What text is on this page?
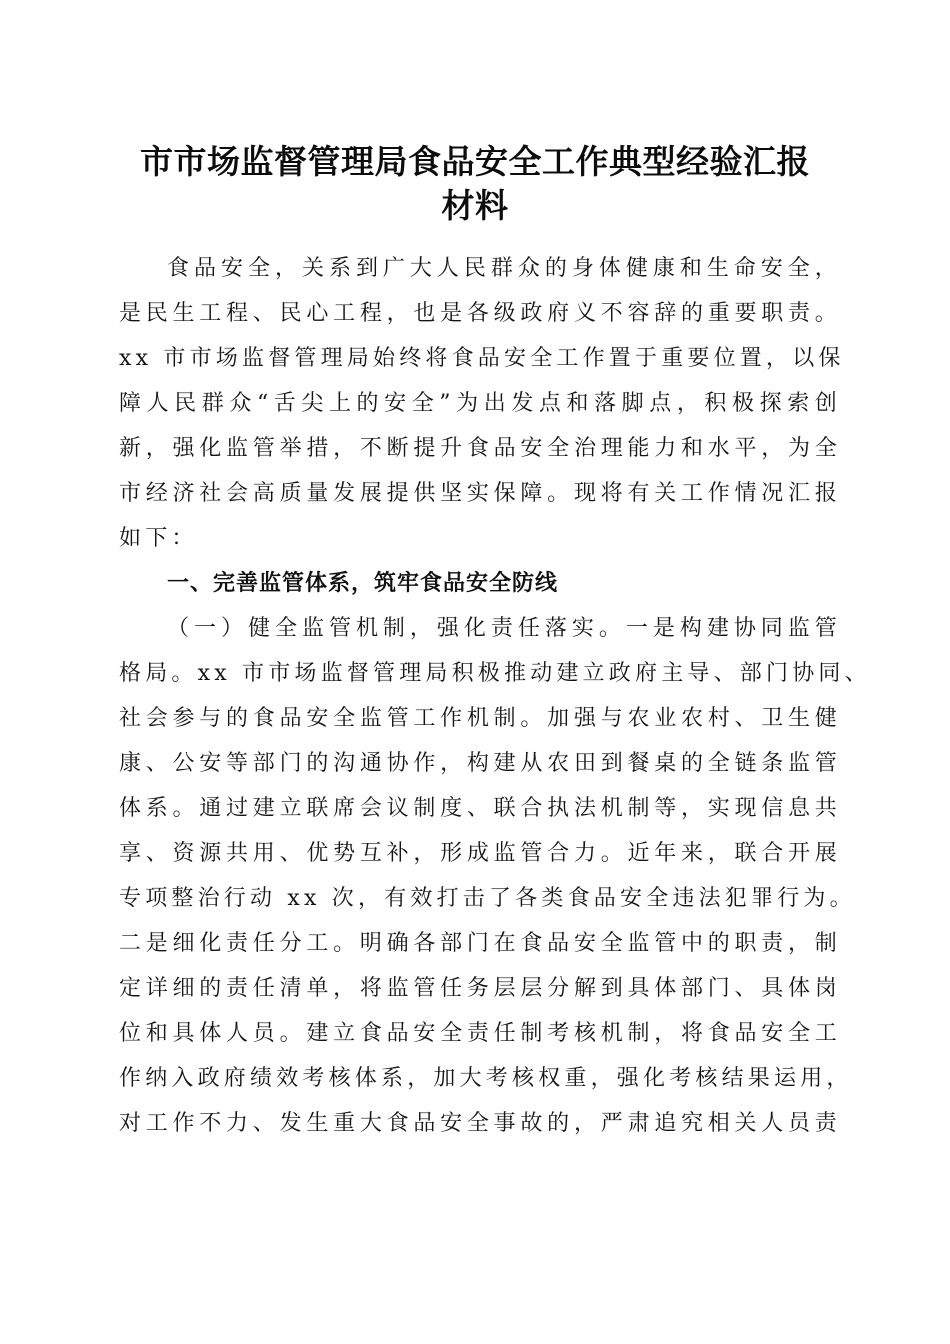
市市场监督管理局食品安全工作典型经验汇报
材料
食品安全，关系到广大人民群众的身体健康和生命安全，
是民生工程、民心工程，也是各级政府义不容辞的重要职责。
xx 市市场监督管理局始终将食品安全工作置于重要位置，以保
障人民群众“舌尖上的安全”为出发点和落脚点，积极探索创
新，强化监管举措，不断提升食品安全治理能力和水平，为全
市经济社会高质量发展提供坚实保障。现将有关工作情况汇报
如下：
一、完善监管体系，筑牢食品安全防线
（一）健全监管机制，强化责任落实。一是构建协同监管
格局。xx 市市场监督管理局积极推动建立政府主导、部门协同、
社会参与的食品安全监管工作机制。加强与农业农村、卫生健
康、公安等部门的沟通协作，构建从农田到餐桌的全链条监管
体系。通过建立联席会议制度、联合执法机制等，实现信息共
享、资源共用、优势互补，形成监管合力。近年来，联合开展
专项整治行动 xx 次，有效打击了各类食品安全违法犯罪行为。
二是细化责任分工。明确各部门在食品安全监管中的职责，制
定详细的责任清单，将监管任务层层分解到具体部门、具体岗
位和具体人员。建立食品安全责任制考核机制，将食品安全工
作纳入政府绩效考核体系，加大考核权重，强化考核结果运用，
对工作不力、发生重大食品安全事故的，严肃追究相关人员责
